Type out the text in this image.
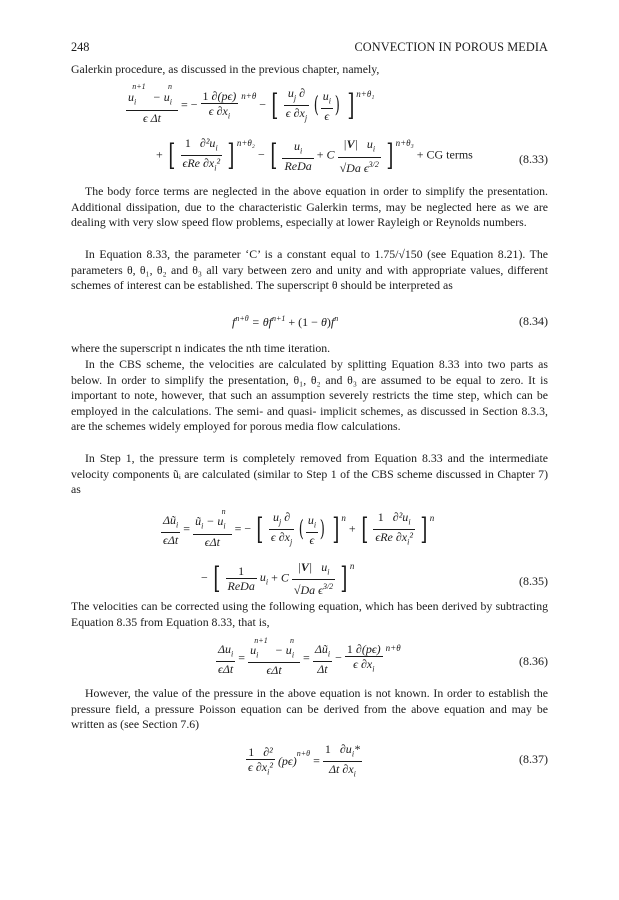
248	CONVECTION IN POROUS MEDIA

Galerkin procedure, as discussed in the previous chapter, namely,

$\frac{u_i^{n+1} - u_i^n}{\text{ϵ Δt}}$ = − $\frac{1 \partial(p\epsilon)}{\epsilon \partial x_i} ^{n+\theta}$ − [ $\frac{u_j \partial}{\epsilon \partial x_j}$ ( $\frac{u_i}{\epsilon}$ ) ] $^{n+\theta_1}$
+ [ $\frac{1 \partial^2u_i}{\epsilon Re \partial x_i^2}$ ] $^{n+\theta_2}$ − [ $\frac{u_i}{\text{ReDa}} + C \frac{|V| u_i}{√Da \epsilon^{3/2}}$ ] $^{n+\theta_3}$ + CG terms	(8.33)

The body force terms are neglected in the above equation in order to simplify the presentation. Additional dissipation, due to the characteristic Galerkin terms, may be neglected here as we are dealing with very slow speed flow problems, especially at lower Rayleigh or Reynolds numbers.

In Equation 8.33, the parameter ‘C’ is a constant equal to 1.75/√150 (see Equation 8.21). The parameters θ, θ₁, θ₂ and θ₃ all vary between zero and unity and with appropriate values, different schemes of interest can be established. The superscript θ should be interpreted as

$f^{n+\theta} = \theta f^{n+1} + (1 - \theta)f^n$	(8.34)

where the superscript n indicates the nth time iteration.

In the CBS scheme, the velocities are calculated by splitting Equation 8.33 into two parts as below. In order to simplify the presentation, θ₁, θ₂ and θ₃ are assumed to be equal to zero. It is important to note, however, that such an assumption severely restricts the time step, which can be employed in the calculations. The semi- and quasi- implicit schemes, as discussed in Section 8.3.3, are the schemes widely employed for porous media flow calculations.

In Step 1, the pressure term is completely removed from Equation 8.33 and the intermediate velocity components ũᵢ are calculated (similar to Step 1 of the CBS scheme discussed in Chapter 7) as

$\frac{\Delta ũ_i}{\text{ϵΔt}} = \frac{ũ_i - u_i^n}{\text{ϵΔt}}$ = − [ $\frac{u_j \partial}{\epsilon \partial x_j}$ ( $\frac{u_i}{\epsilon}$ ) ] $^n$ + [ $\frac{1 \partial^2u_i}{\epsilon Re \partial x_i^2}$ ] $^n$
− [ $\frac{1}{\text{ReDa}} u_i + C \frac{|V| u_i}{√Da \epsilon^{3/2}}$ ] $^n$
(8.35)

The velocities can be corrected using the following equation, which has been derived by subtracting Equation 8.35 from Equation 8.33, that is,

$\frac{\Delta u_i}{\text{ϵΔt}} = \frac{u_i^{n+1} - u_i^n}{\text{ϵΔt}} = \frac{\Delta ũ_i}{\Delta t} - \frac{1 \partial(p\epsilon)}{\epsilon \partial x_i} ^{n+\theta}$
(8.36)

However, the value of the pressure in the above equation is not known. In order to establish the pressure field, a pressure Poisson equation can be derived from the above equation and may be written as (see Section 7.6)

$\frac{\text{1   ∂²}}{\epsilon \partial x_i^2} (p\epsilon)^{n+\theta} = \frac{1 \partial u_i*}{\Delta t \partial x_i}$	(8.37)
